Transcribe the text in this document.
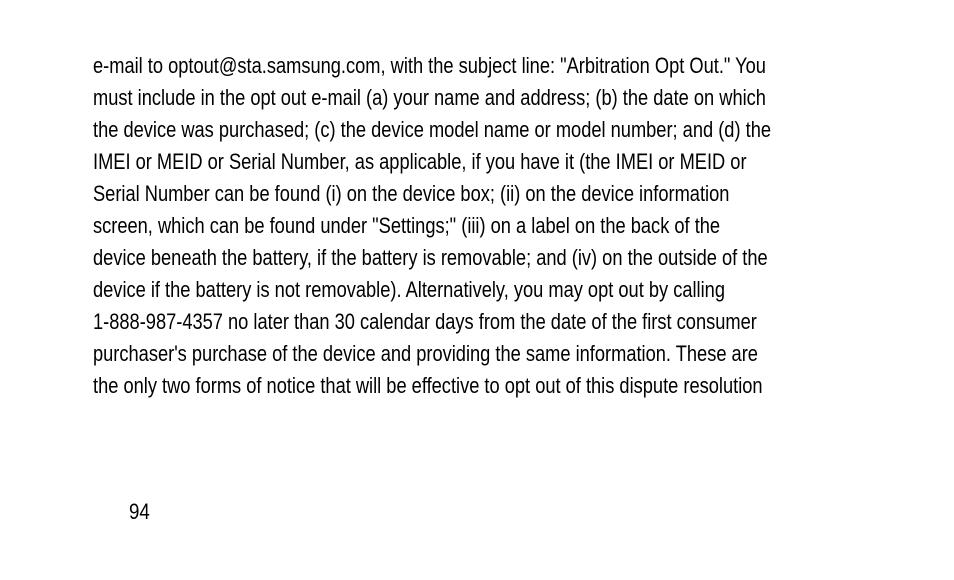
e-mail to optout@sta.samsung.com, with the subject line: "Arbitration Opt Out." You
must include in the opt out e-mail (a) your name and address; (b) the date on which
the device was purchased; (c) the device model name or model number; and (d) the
IMEI or MEID or Serial Number, as applicable, if you have it (the IMEI or MEID or
Serial Number can be found (i) on the device box; (ii) on the device information
screen, which can be found under "Settings;" (iii) on a label on the back of the
device beneath the battery, if the battery is removable; and (iv) on the outside of the
device if the battery is not removable). Alternatively, you may opt out by calling
1-888-987-4357 no later than 30 calendar days from the date of the first consumer
purchaser's purchase of the device and providing the same information. These are
the only two forms of notice that will be effective to opt out of this dispute resolution
94
